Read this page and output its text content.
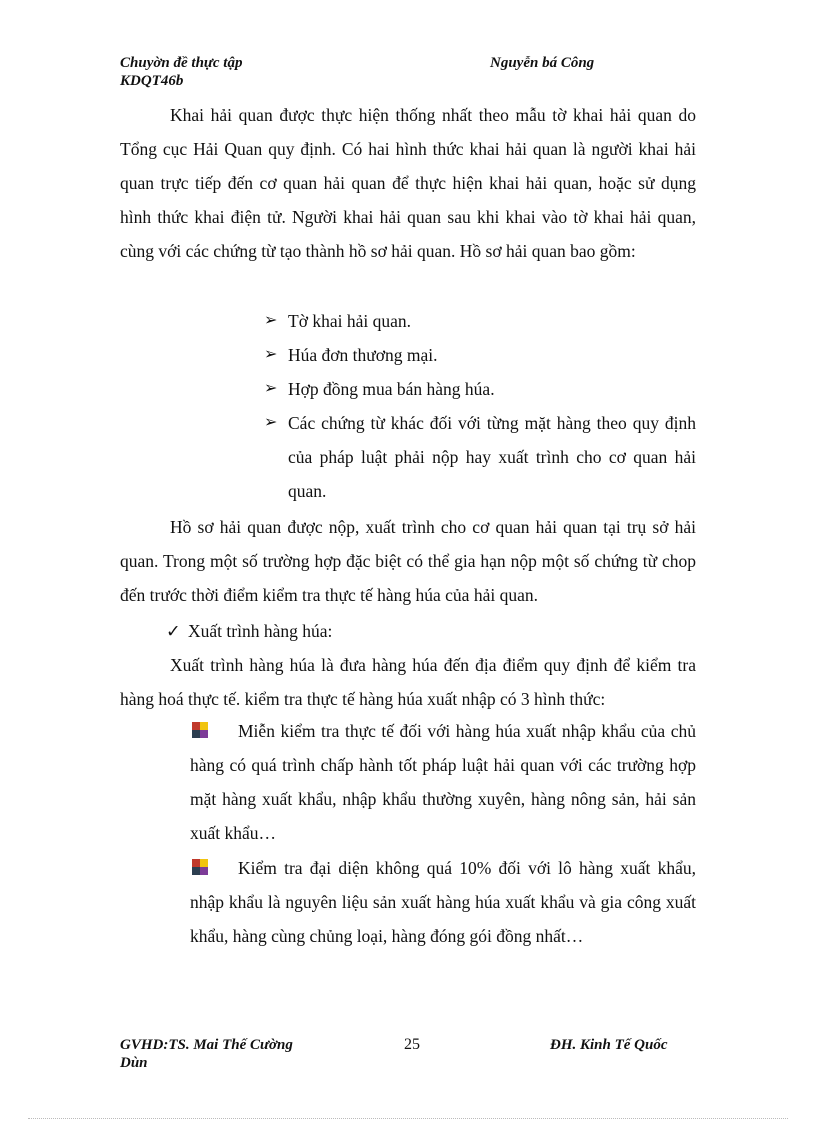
Chuyờn đề thực tập
KDQT46b
Nguyễn bá Công
Khai hải quan được thực hiện thống nhất theo mẫu tờ khai hải quan do Tổng cục Hải Quan quy định. Có hai hình thức khai hải quan là người khai hải quan trực tiếp đến cơ quan hải quan để thực hiện khai hải quan, hoặc sử dụng hình thức khai điện tử. Người khai hải quan sau khi khai vào tờ khai hải quan, cùng với các chứng từ tạo thành hồ sơ hải quan. Hồ sơ hải quan bao gồm:
➢ Tờ khai hải quan.
➢ Húa đơn thương mại.
➢ Hợp đồng mua bán hàng húa.
➢ Các chứng từ khác đối với từng mặt hàng theo quy định của pháp luật phải nộp hay xuất trình cho cơ quan hải quan.
Hồ sơ hải quan được nộp, xuất trình cho cơ quan hải quan tại trụ sở hải quan. Trong một số trường hợp đặc biệt có thể gia hạn nộp một số chứng từ chop đến trước thời điểm kiểm tra thực tế hàng húa của hải quan.
✓ Xuất trình hàng húa:
Xuất trình hàng húa là đưa hàng húa đến địa điểm quy định để kiểm tra hàng hoá thực tế. kiểm tra thực tế hàng húa xuất nhập có 3 hình thức:
Miễn kiểm tra thực tế đối với hàng húa xuất nhập khẩu của chủ hàng có quá trình chấp hành tốt pháp luật hải quan với các trường hợp mặt hàng xuất khẩu, nhập khẩu thường xuyên, hàng nông sản, hải sản xuất khẩu…
Kiểm tra đại diện không quá 10% đối với lô hàng xuất khẩu, nhập khẩu là nguyên liệu sản xuất hàng húa xuất khẩu và gia công xuất khẩu, hàng cùng chủng loại, hàng đóng gói đồng nhất…
GVHD:TS. Mai Thế Cường
Dùn
25	ĐH. Kinh Tế Quốc
